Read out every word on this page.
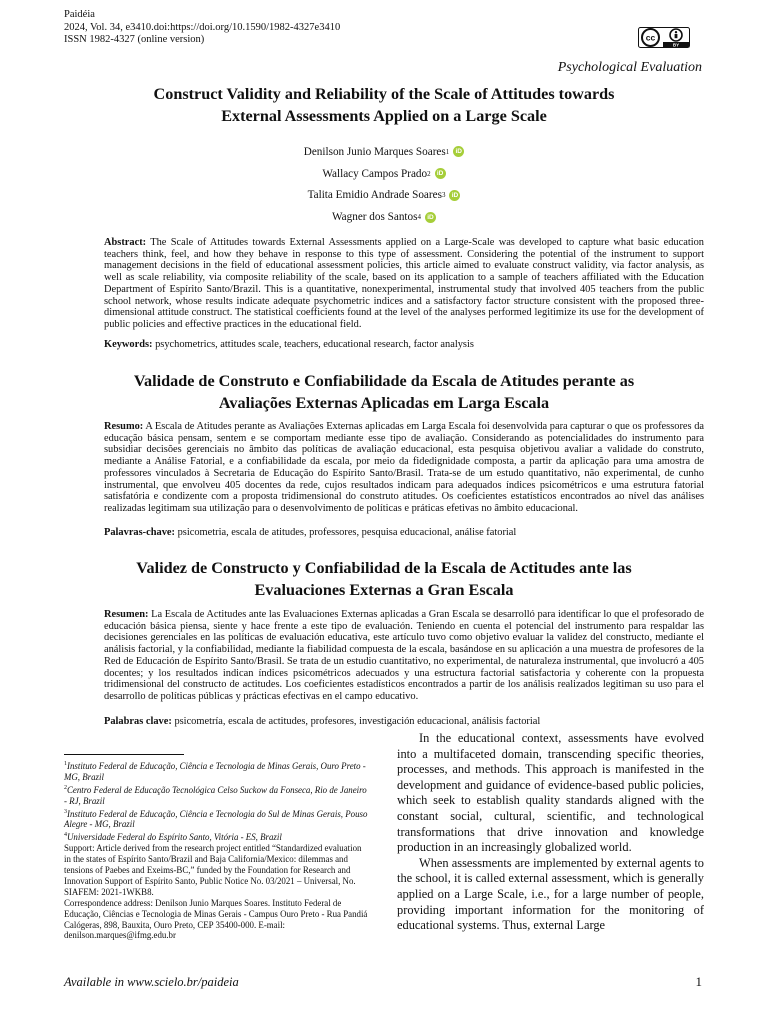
Paidéia
2024, Vol. 34, e3410.doi:https://doi.org/10.1590/1982-4327e3410
ISSN 1982-4327 (online version)	cc
BY
Psychological Evaluation
Construct Validity and Reliability of the Scale of Attitudes towards
External Assessments Applied on a Large Scale
Denilson Junio Marques Soares 1 iD
Wallacy Campos Prado 2 iD
Talita Emidio Andrade Soares 3 iD
Wagner dos Santos 4 iD
Abstract: The Scale of Attitudes towards External Assessments applied on a Large-Scale was developed to capture what basic education teachers think, feel, and how they behave in response to this type of assessment. Considering the potential of the instrument to support management decisions in the field of educational assessment policies, this article aimed to evaluate construct validity, via factor analysis, as well as scale reliability, via composite reliability of the scale, based on its application to a sample of teachers affiliated with the Education Department of Espírito Santo/Brazil. This is a quantitative, nonexperimental, instrumental study that involved 405 teachers from the public school network, whose results indicate adequate psychometric indices and a satisfactory factor structure consistent with the proposed three-dimensional attitude construct. The statistical coefficients found at the level of the analyses performed legitimize its use for the development of public policies and effective practices in the educational field.
Keywords: psychometrics, attitudes scale, teachers, educational research, factor analysis
Validade de Construto e Confiabilidade da Escala de Atitudes perante as
Avaliações Externas Aplicadas em Larga Escala
Resumo: A Escala de Atitudes perante as Avaliações Externas aplicadas em Larga Escala foi desenvolvida para capturar o que os professores da educação básica pensam, sentem e se comportam mediante esse tipo de avaliação. Considerando as potencialidades do instrumento para subsidiar decisões gerenciais no âmbito das políticas de avaliação educacional, esta pesquisa objetivou avaliar a validade do construto, mediante a Análise Fatorial, e a confiabilidade da escala, por meio da fidedignidade composta, a partir da aplicação para uma amostra de professores vinculados à Secretaria de Educação do Espírito Santo/Brasil. Trata-se de um estudo quantitativo, não experimental, de cunho instrumental, que envolveu 405 docentes da rede, cujos resultados indicam para adequados índices psicométricos e uma estrutura fatorial satisfatória e condizente com a proposta tridimensional do construto atitudes. Os coeficientes estatísticos encontrados ao nível das análises realizadas legitimam sua utilização para o desenvolvimento de políticas e práticas efetivas no âmbito educacional.
Palavras-chave: psicometria, escala de atitudes, professores, pesquisa educacional, análise fatorial
Validez de Constructo y Confiabilidad de la Escala de Actitudes ante las
Evaluaciones Externas a Gran Escala
Resumen: La Escala de Actitudes ante las Evaluaciones Externas aplicadas a Gran Escala se desarrolló para identificar lo que el profesorado de educación básica piensa, siente y hace frente a este tipo de evaluación. Teniendo en cuenta el potencial del instrumento para respaldar las decisiones gerenciales en las políticas de evaluación educativa, este artículo tuvo como objetivo evaluar la validez del constructo, mediante el análisis factorial, y la confiabilidad, mediante la fiabilidad compuesta de la escala, basándose en su aplicación a una muestra de profesores de la Red de Educación de Espírito Santo/Brasil. Se trata de un estudio cuantitativo, no experimental, de naturaleza instrumental, que involucró a 405 docentes; y los resultados indican índices psicométricos adecuados y una estructura factorial satisfactoria y coherente con la propuesta tridimensional del constructo de actitudes. Los coeficientes estadísticos encontrados a partir de los análisis realizados legitiman su uso para el desarrollo de políticas públicas y prácticas efectivas en el campo educativo.
Palabras clave: psicometría, escala de actitudes, profesores, investigación educacional, análisis factorial

$^1$Instituto Federal de Educação, Ciência e Tecnologia de Minas Gerais, Ouro Preto - MG, Brazil

$^2$Centro Federal de Educação Tecnológica Celso Suckow da Fonseca, Rio de Janeiro - RJ, Brazil

$^3$Instituto Federal de Educação, Ciência e Tecnologia do Sul de Minas Gerais, Pouso Alegre - MG, Brazil

$^4$Universidade Federal do Espírito Santo, Vitória - ES, Brazil

Support: Article derived from the research project entitled “Standardized evaluation in the states of Espírito Santo/Brazil and Baja California/Mexico: dilemmas and tensions of Paebes and Exeims-BC,” funded by the Foundation for Research and Innovation Support of Espírito Santo, Public Notice No. 03/2021 – Universal, No. SIAFEM: 2021-1WKB8.

Correspondence address: Denilson Junio Marques Soares. Instituto Federal de Educação, Ciências e Tecnologia de Minas Gerais - Campus Ouro Preto - Rua Pandiá Calógeras, 898, Bauxita, Ouro Preto, CEP 35400-000. E-mail: denilson.marques@ifmg.edu.br

In the educational context, assessments have evolved into a multifaceted domain, transcending specific theories, processes, and methods. This approach is manifested in the development and guidance of evidence-based public policies, which seek to establish quality standards aligned with the constant social, cultural, scientific, and technological transformations that drive innovation and knowledge production in an increasingly globalized world.

When assessments are implemented by external agents to the school, it is called external assessment, which is generally applied on a Large Scale, i.e., for a large number of people, providing important information for the monitoring of educational systems. Thus, external Large

Available in www.scielo.br/paideia	1
